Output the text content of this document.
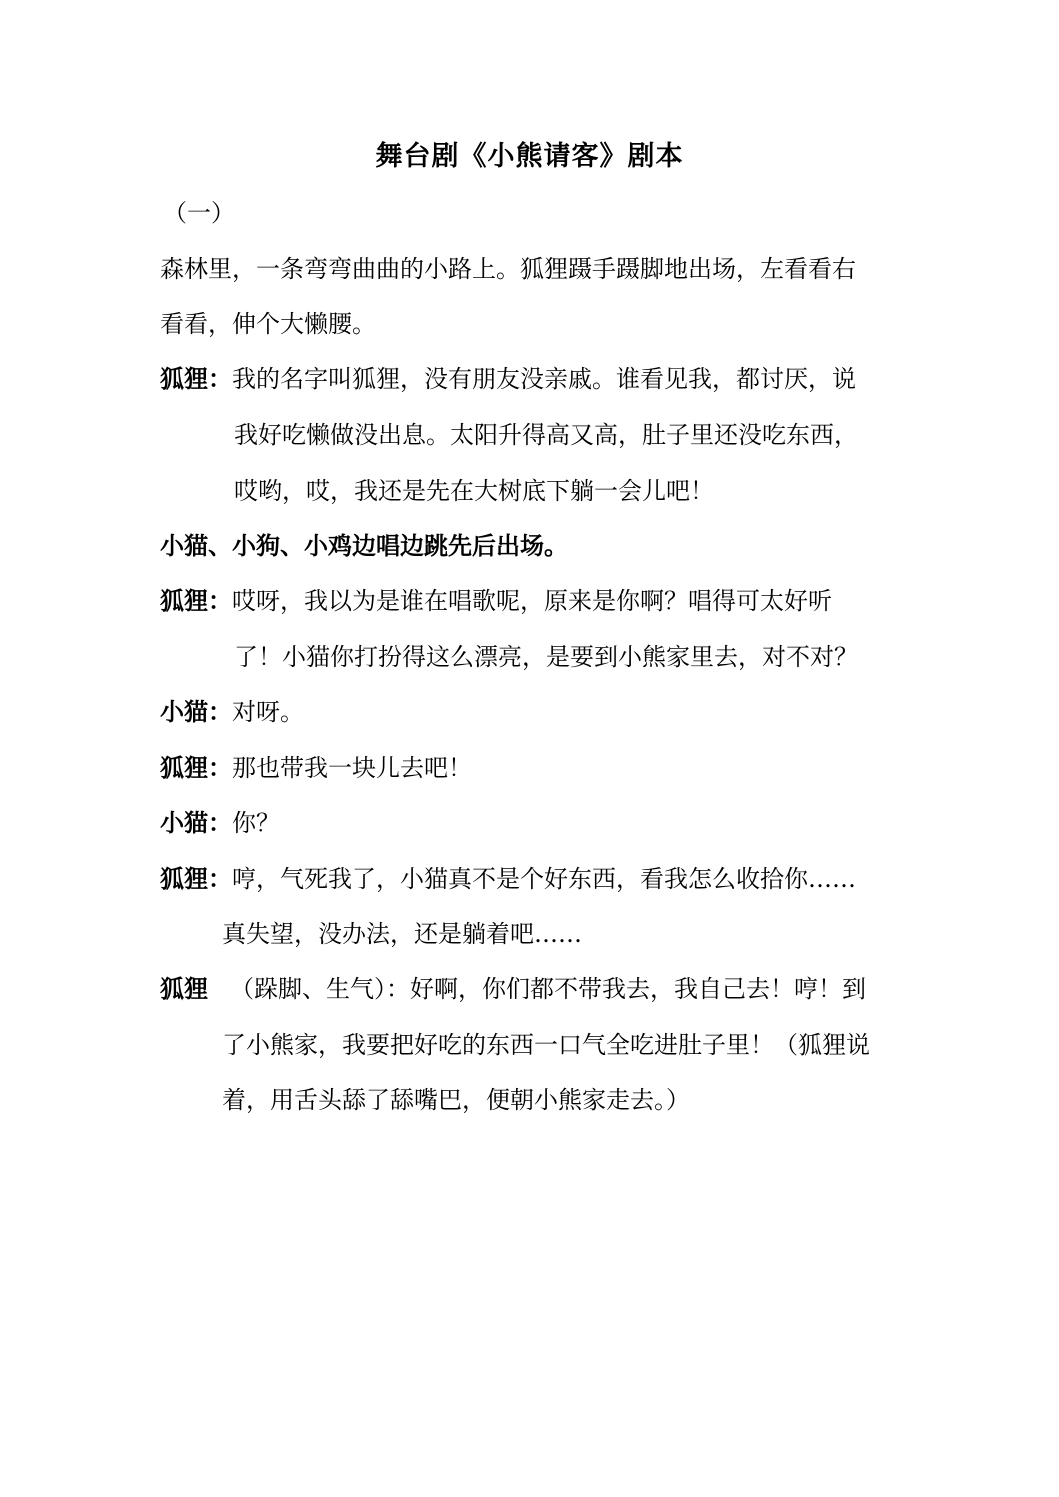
舞台剧《小熊请客》剧本
（一）
森林里，一条弯弯曲曲的小路上。狐狸蹑手蹑脚地出场，左看看右
看看，伸个大懒腰。
狐狸：我的名字叫狐狸，没有朋友没亲戚。谁看见我，都讨厌，说
我好吃懒做没出息。太阳升得高又高，肚子里还没吃东西，
哎哟，哎，我还是先在大树底下躺一会儿吧！
小猫、小狗、小鸡边唱边跳先后出场。
狐狸：哎呀，我以为是谁在唱歌呢，原来是你啊？唱得可太好听
了！小猫你打扮得这么漂亮，是要到小熊家里去，对不对？
小猫：对呀。
狐狸：那也带我一块儿去吧！
小猫：你？
狐狸：哼，气死我了，小猫真不是个好东西，看我怎么收拾你……
真失望，没办法，还是躺着吧……
狐狸 （跺脚、生气）：好啊，你们都不带我去，我自己去！哼！到
了小熊家，我要把好吃的东西一口气全吃进肚子里！（狐狸说
着，用舌头舔了舔嘴巴，便朝小熊家走去。）
